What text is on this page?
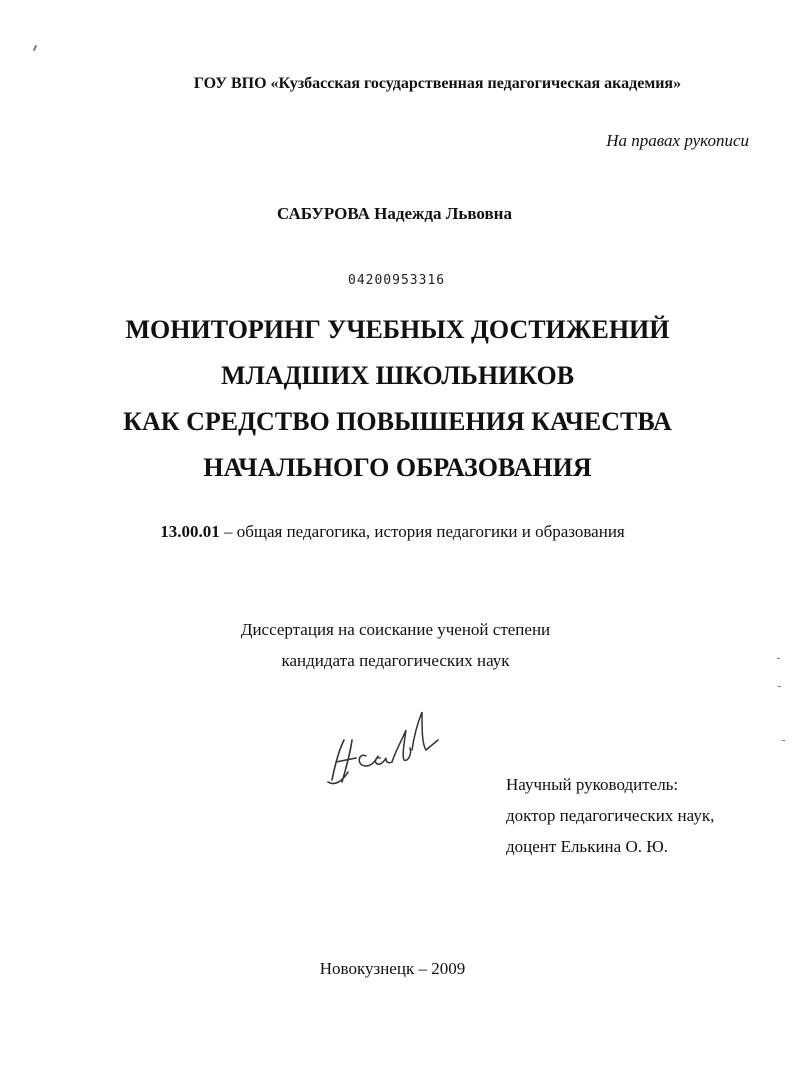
ГОУ ВПО «Кузбасская государственная педагогическая академия»
На правах рукописи
САБУРОВА Надежда Львовна
04200953316
МОНИТОРИНГ УЧЕБНЫХ ДОСТИЖЕНИЙ
МЛАДШИХ ШКОЛЬНИКОВ
КАК СРЕДСТВО ПОВЫШЕНИЯ КАЧЕСТВА
НАЧАЛЬНОГО ОБРАЗОВАНИЯ
13.00.01 – общая педагогика, история педагогики и образования
Диссертация на соискание ученой степени
кандидата педагогических наук
Научный руководитель:
доктор педагогических наук,
доцент Елькина О. Ю.
Новокузнецк – 2009
